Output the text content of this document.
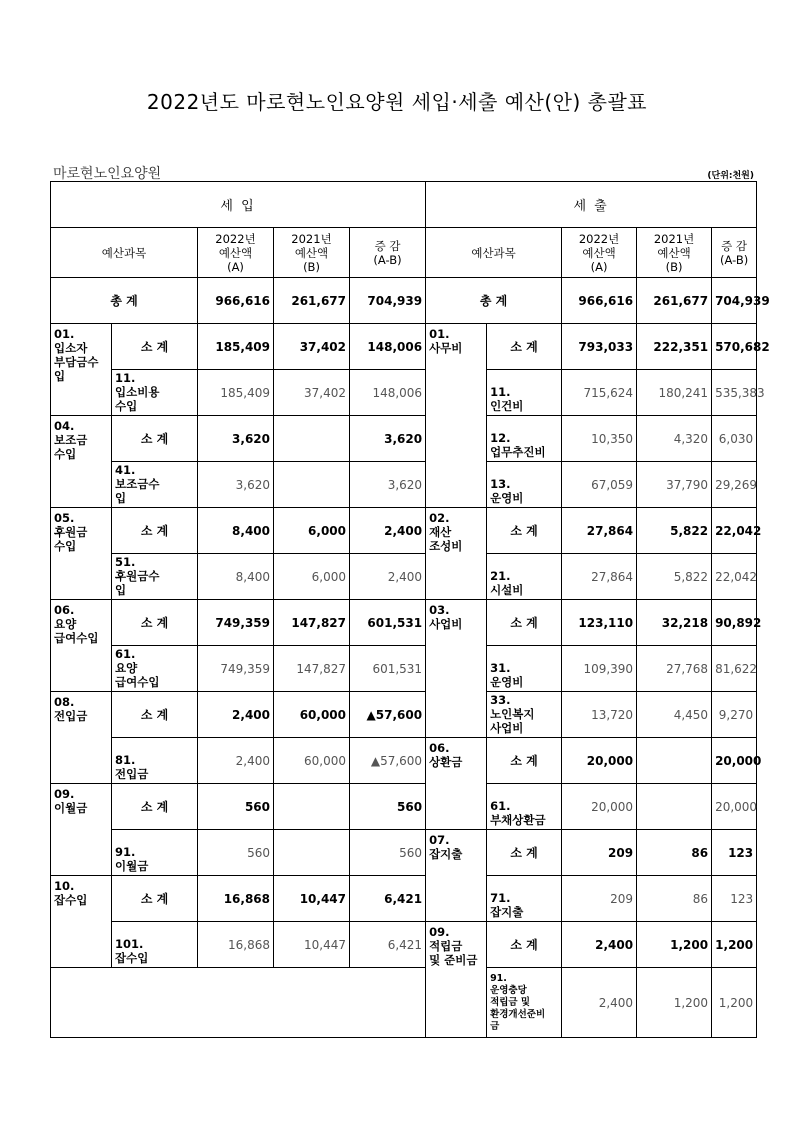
2022년도 마로현노인요양원 세입·세출 예산(안) 총괄표
마로현노인요양원	(단위:천원)
세 입					세 출				
예산과목		2022년
예산액
(A)	2021년
예산액
(B)	증 감
(A-B)	예산과목		2022년
예산액
(A)	2021년
예산액
(B)	증 감
(A-B)

총 계		966,616	261,677	704,939	총 계		966,616	261,677	704,939

01.
입소자
부담금수
입	소 계	185,409	37,402	148,006	01.
사무비	소 계	793,033	222,351	570,682

	11.
입소비용
수입	185,409	37,402	148,006		11.
인건비	715,624	180,241	535,383

04.
보조금
수입	소 계	3,620		3,620		12.
업무추진비	10,350	4,320	6,030

	41.
보조금수
입	3,620		3,620		13.
운영비	67,059	37,790	29,269

05.
후원금
수입	소 계	8,400	6,000	2,400	02.
재산
조성비	소 계	27,864	5,822	22,042

	51.
후원금수
입	8,400	6,000	2,400		21.
시설비	27,864	5,822	22,042

06.
요양
급여수입	소 계	749,359	147,827	601,531	03.
사업비	소 계	123,110	32,218	90,892

	61.
요양
급여수입	749,359	147,827	601,531		31.
운영비	109,390	27,768	81,622

08.
전입금	소 계	2,400	60,000	▲57,600		33.
노인복지
사업비	13,720	4,450	9,270

	81.
전입금	2,400	60,000	▲57,600	06.
상환금	소 계	20,000		20,000

09.
이월금	소 계	560		560		61.
부채상환금	20,000		20,000

	91.
이월금	560		560	07.
잡지출	소 계	209	86	123

10.
잡수입	소 계	16,868	10,447	6,421		71.
잡지출	209	86	123

	101.
잡수입	16,868	10,447	6,421	09.
적립금
및 준비금	소 계	2,400	1,200	1,200

						91.
운영충당
적립금 및
환경개선준비
금	2,400	1,200	1,200
